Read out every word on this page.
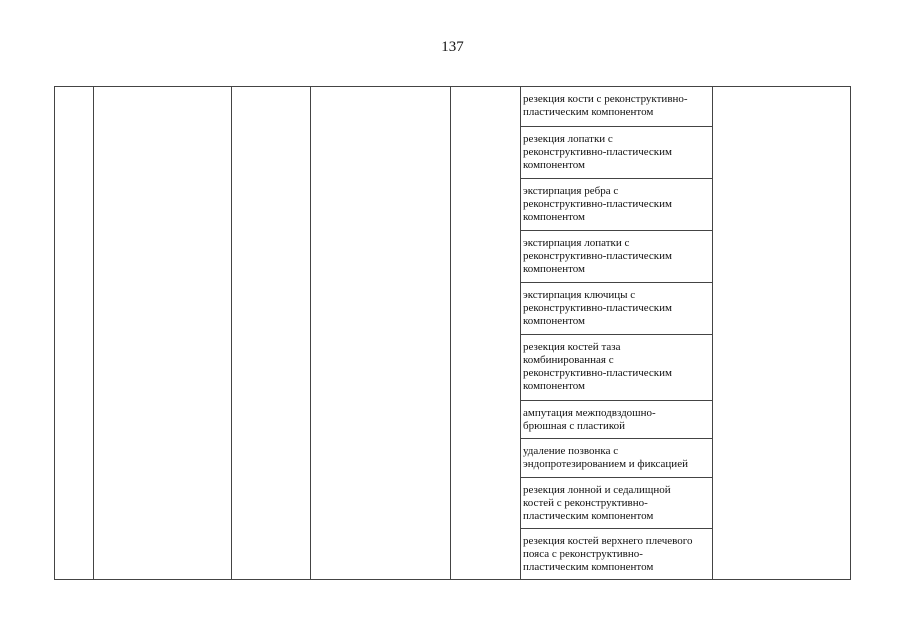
137
резекция кости с реконструктивно-
пластическим компонентом
резекция лопатки с
реконструктивно-пластическим
компонентом
экстирпация ребра с
реконструктивно-пластическим
компонентом
экстирпация лопатки с
реконструктивно-пластическим
компонентом
экстирпация ключицы с
реконструктивно-пластическим
компонентом
резекция костей таза
комбинированная с
реконструктивно-пластическим
компонентом
ампутация межподвздошно-
брюшная с пластикой
удаление позвонка с
эндопротезированием и фиксацией
резекция лонной и седалищной
костей с реконструктивно-
пластическим компонентом
резекция костей верхнего плечевого
пояса с реконструктивно-
пластическим компонентом
